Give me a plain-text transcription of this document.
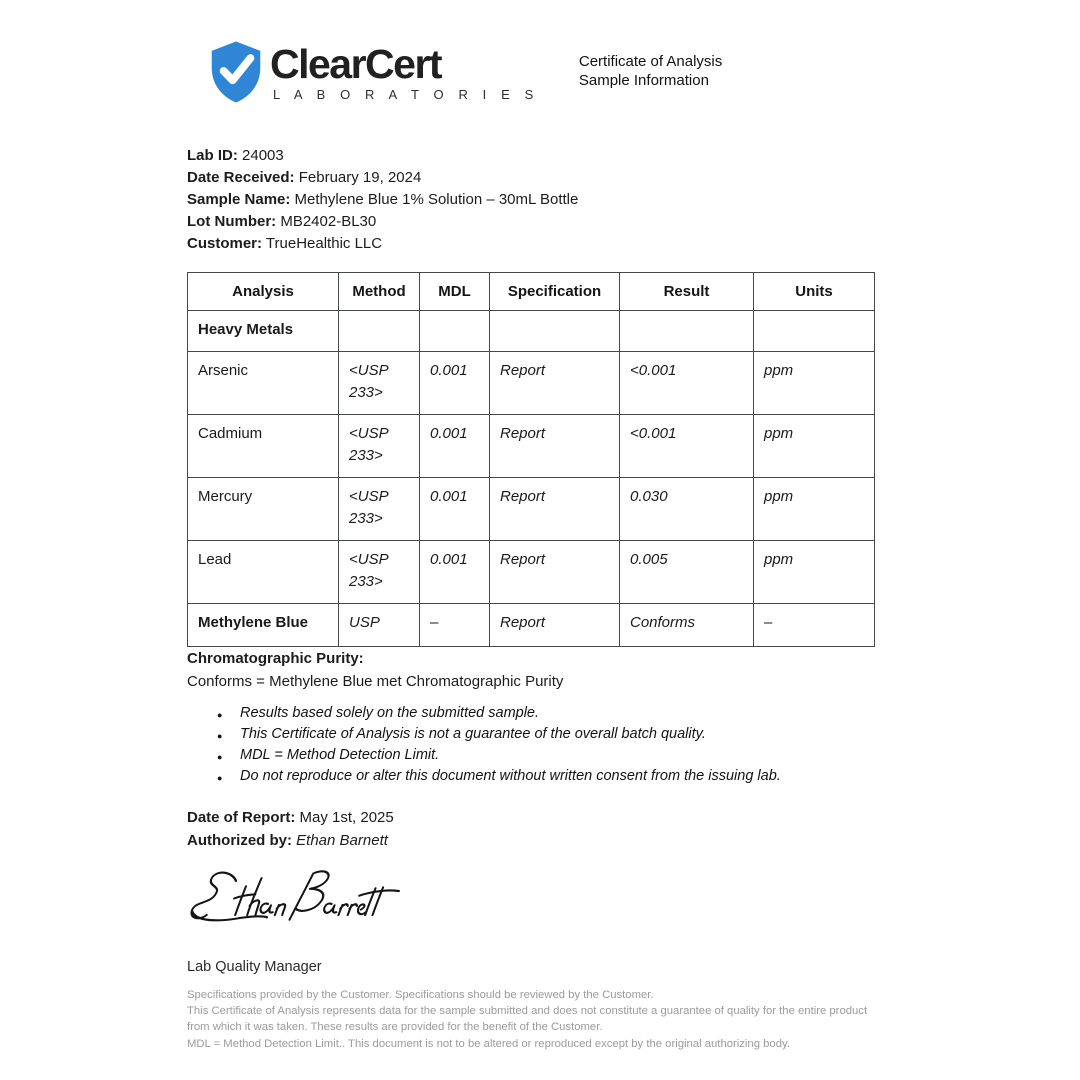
ClearCert
L A B O R A T O R I E S
Certificate of Analysis
Sample Information
Lab ID: 24003
Date Received: February 19, 2024
Sample Name: Methylene Blue 1% Solution – 30mL Bottle
Lot Number: MB2402-BL30
Customer: TrueHealthic LLC
Analysis	Method	MDL	Specification	Result	Units
Heavy Metals					
Arsenic	<USP 233>	0.001	Report	<0.001	ppm
Cadmium	<USP 233>	0.001	Report	<0.001	ppm
Mercury	<USP 233>	0.001	Report	0.030	ppm
Lead	<USP 233>	0.001	Report	0.005	ppm
Methylene Blue	USP	–	Report	Conforms	–
Chromatographic Purity:
Conforms = Methylene Blue met Chromatographic Purity
● Results based solely on the submitted sample.
● This Certificate of Analysis is not a guarantee of the overall batch quality.
● MDL = Method Detection Limit.
● Do not reproduce or alter this document without written consent from the issuing lab.
Date of Report: May 1st, 2025
Authorized by: Ethan Barnett
Lab Quality Manager

Specifications provided by the Customer. Specifications should be reviewed by the Customer.

This Certificate of Analysis represents data for the sample submitted and does not constitute a guarantee of quality for the entire product from which it was taken. These results are provided for the benefit of the Customer.

MDL = Method Detection Limit.. This document is not to be altered or reproduced except by the original authorizing body.
